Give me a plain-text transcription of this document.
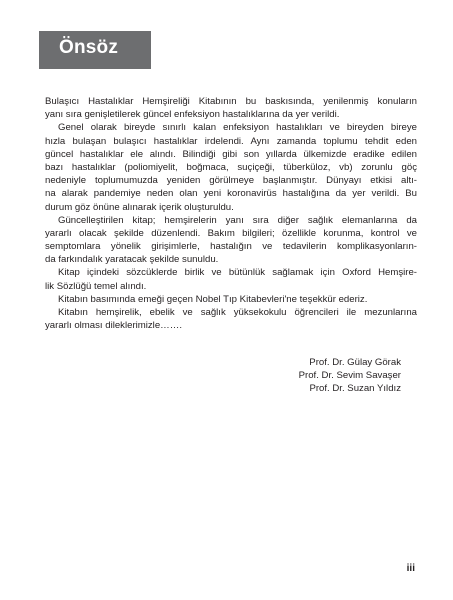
Önsöz
Bulaşıcı Hastalıklar Hemşireliği Kitabının bu baskısında, yenilenmiş konuların
yanı sıra genişletilerek güncel enfeksiyon hastalıklarına da yer verildi.
Genel olarak bireyde sınırlı kalan enfeksiyon hastalıkları ve bireyden bireye
hızla bulaşan bulaşıcı hastalıklar irdelendi. Aynı zamanda toplumu tehdit eden
güncel hastalıklar ele alındı. Bilindiği gibi son yıllarda ülkemizde eradike edilen
bazı hastalıklar (poliomiyelit, boğmaca, suçiçeği, tüberküloz, vb) zorunlu göç
nedeniyle toplumumuzda yeniden görülmeye başlanmıştır. Dünyayı etkisi altı-
na alarak pandemiye neden olan yeni koronavirüs hastalığına da yer verildi. Bu
durum göz önüne alınarak içerik oluşturuldu.
Güncelleştirilen kitap; hemşirelerin yanı sıra diğer sağlık elemanlarına da
yararlı olacak şekilde düzenlendi. Bakım bilgileri; özellikle korunma, kontrol ve
semptomlara yönelik girişimlerle, hastalığın ve tedavilerin komplikasyonların-
da farkındalık yaratacak şekilde sunuldu.
Kitap içindeki sözcüklerde birlik ve bütünlük sağlamak için Oxford Hemşire-
lik Sözlüğü temel alındı.
Kitabın basımında emeği geçen Nobel Tıp Kitabevleri'ne teşekkür ederiz.
Kitabın hemşirelik, ebelik ve sağlık yüksekokulu öğrencileri ile mezunlarına
yararlı olması dileklerimizle…….
Prof. Dr. Gülay Görak
Prof. Dr. Sevim Savaşer
Prof. Dr. Suzan Yıldız
iii
